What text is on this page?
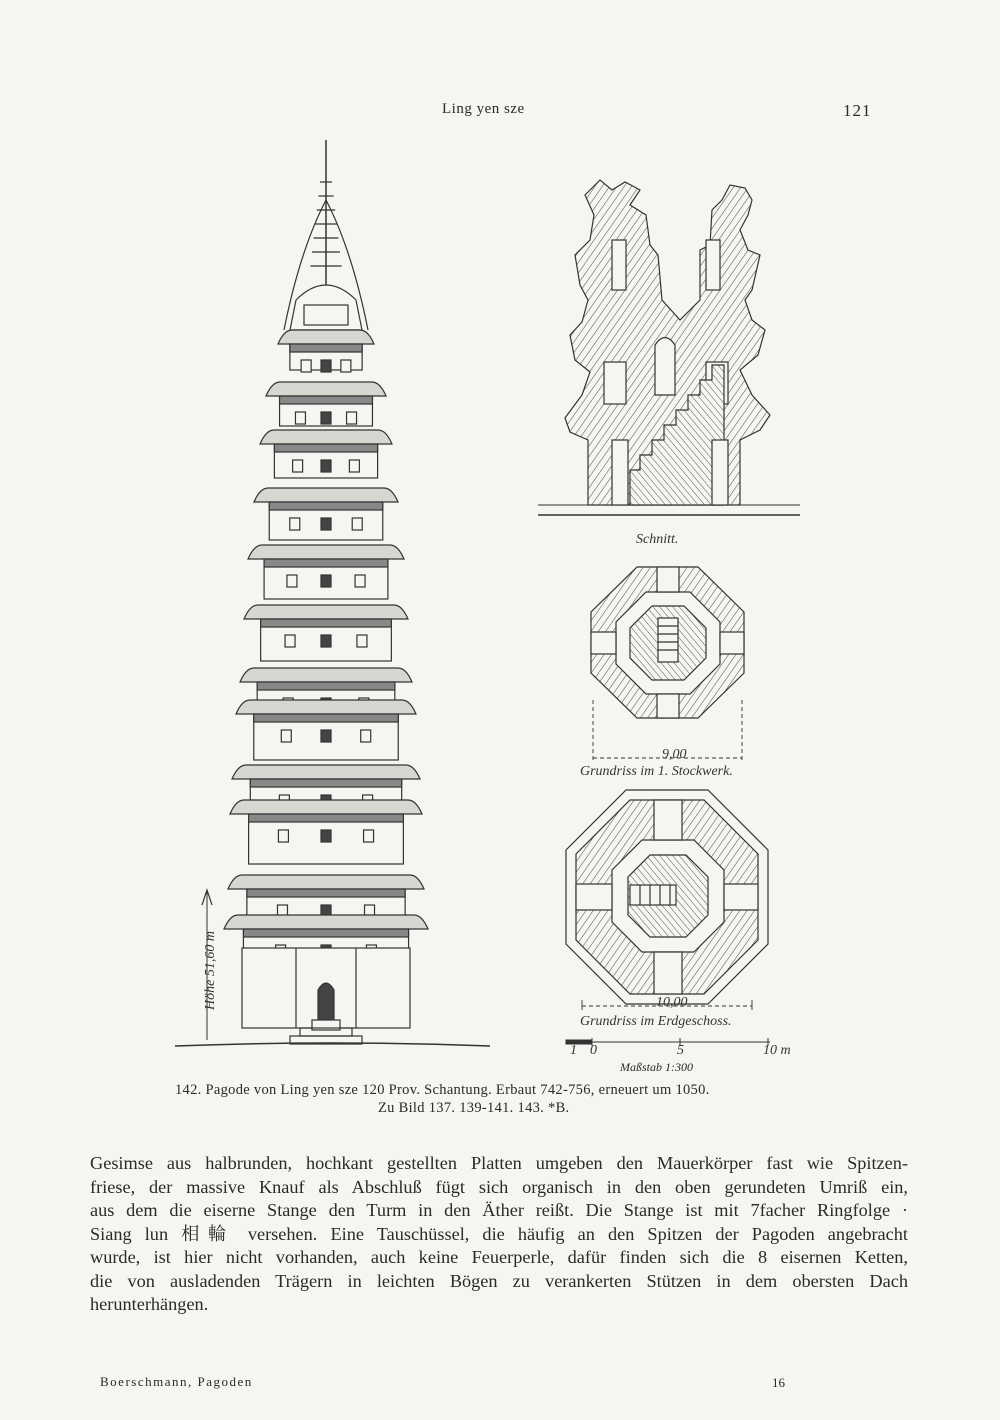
Ling yen sze	121
Höhe 51,60 m
Schnitt.
9,00
Grundriss im 1. Stockwerk.
10,00
Grundriss im Erdgeschoss.
1 0	5	10 m
Maßstab 1:300
142. Pagode von Ling yen sze 120 Prov. Schantung. Erbaut 742-756, erneuert um 1050.
Zu Bild 137. 139-141. 143. *B.
Gesimse aus halbrunden, hochkant gestellten Platten umgeben den Mauerkörper fast wie Spitzen-
friese, der massive Knauf als Abschluß fügt sich organisch in den oben gerundeten Umriß ein,
aus dem die eiserne Stange den Turm in den Äther reißt. Die Stange ist mit 7facher Ringfolge ·
Siang lun 相輪 versehen. Eine Tauschüssel, die häufig an den Spitzen der Pagoden angebracht
wurde, ist hier nicht vorhanden, auch keine Feuerperle, dafür finden sich die 8 eisernen Ketten,
die von ausladenden Trägern in leichten Bögen zu verankerten Stützen in dem obersten Dach
herunterhängen.
Boerschmann, Pagoden	16
